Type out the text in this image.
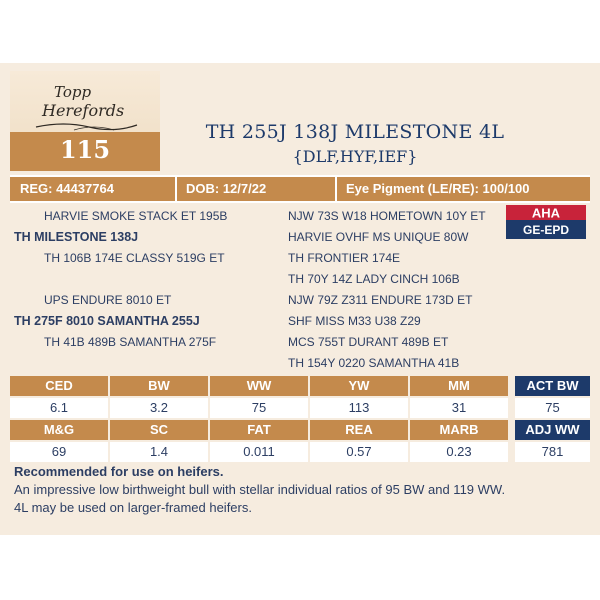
Topp
Herefords
115
TH 255J 138J MILESTONE 4L
{DLF,HYF,IEF}
REG: 44437764	DOB: 12/7/22	Eye Pigment (LE/RE): 100/100
HARVIE SMOKE STACK ET 195B
TH MILESTONE 138J
TH 106B 174E CLASSY 519G ET
UPS ENDURE 8010 ET
TH 275F 8010 SAMANTHA 255J
TH 41B 489B SAMANTHA 275F
NJW 73S W18 HOMETOWN 10Y ET
HARVIE OVHF MS UNIQUE 80W
TH FRONTIER 174E
TH 70Y 14Z LADY CINCH 106B
NJW 79Z Z311 ENDURE 173D ET
SHF MISS M33 U38 Z29
MCS 755T DURANT 489B ET
TH 154Y 0220 SAMANTHA 41B
AHA
GE-EPD
CED	BW	WW	YW	MM	ACT BW
6.1	3.2	75	113	31	75
M&G	SC	FAT	REA	MARB	ADJ WW
69	1.4	0.011	0.57	0.23	781
Recommended for use on heifers.
An impressive low birthweight bull with stellar individual ratios of 95 BW and 119 WW.
4L may be used on larger-framed heifers.
